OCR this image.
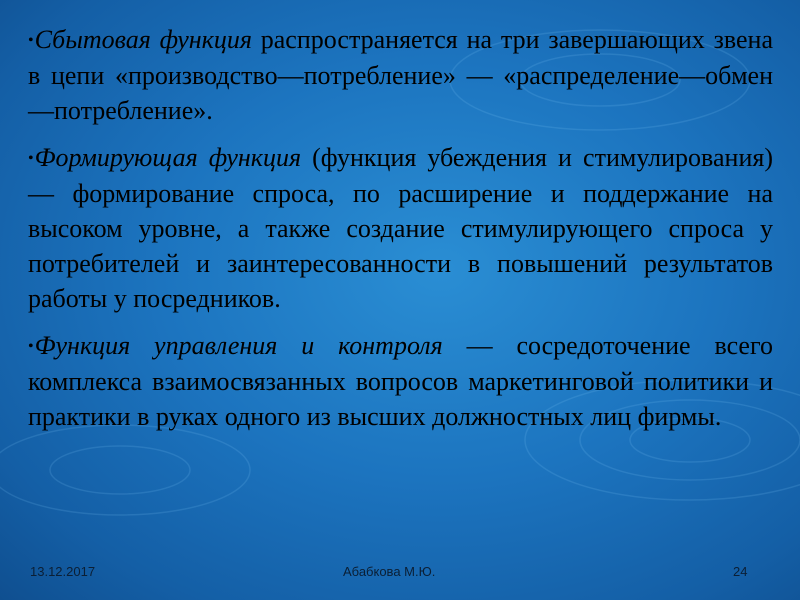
•Сбытовая функция распространяется на три завершающих звена в цепи «производство—потребление» — «распределение—обмен—потребление».

•Формирующая функция (функция убеждения и стимулирования) — формирование спроса, по расширение и поддержание на высоком уровне, а также создание стимулирующего спроса у потребителей и заинтересованности в повышений результатов работы у посредников.

•Функция управления и контроля — сосредоточение всего комплекса взаимосвязанных вопросов маркетинговой политики и практики в руках одного из высших должностных лиц фирмы.

13.12.2017	Абабкова М.Ю.	24
